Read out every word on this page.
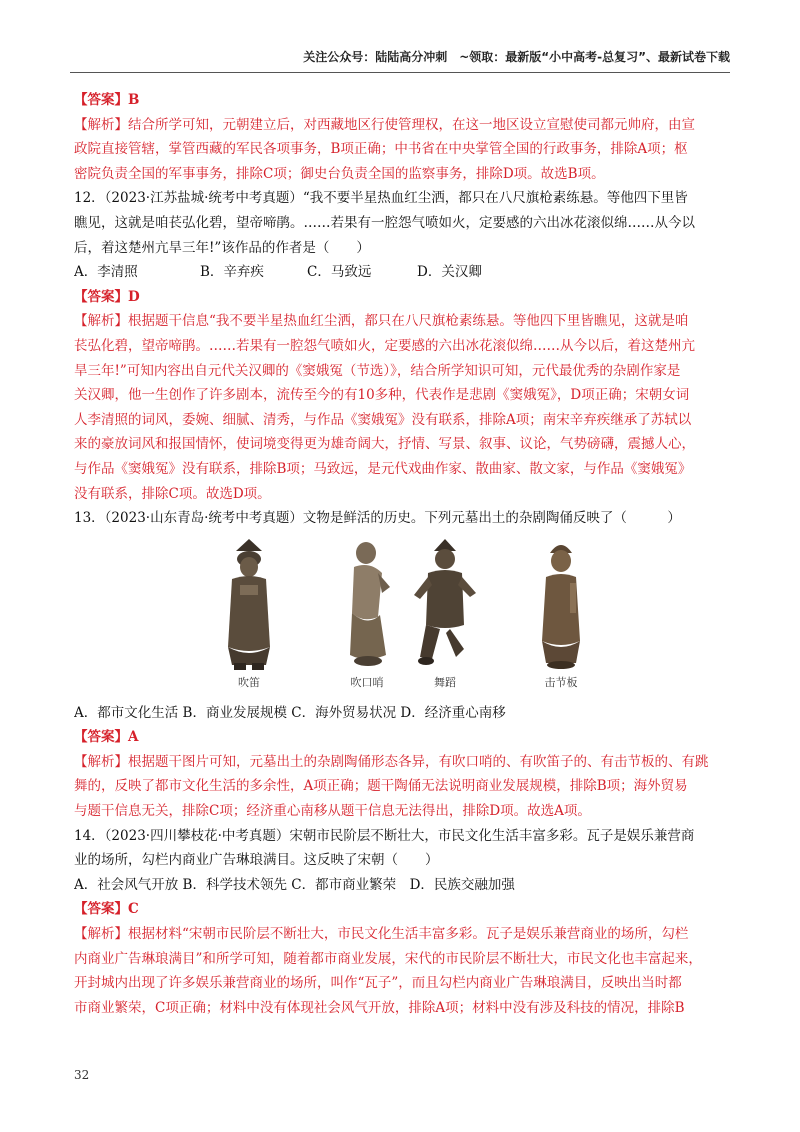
关注公众号：陆陆高分冲刺　~领取：最新版“小中高考-总复习”、最新试卷下载
【答案】B
【解析】结合所学可知，元朝建立后，对西藏地区行使管理权，在这一地区设立宣慰使司都元帅府，由宣
政院直接管辖，掌管西藏的军民各项事务，B项正确；中书省在中央掌管全国的行政事务，排除A项；枢
密院负责全国的军事事务，排除C项；御史台负责全国的监察事务，排除D项。故选B项。
12．（2023·江苏盐城·统考中考真题）“我不要半星热血红尘洒，都只在八尺旗枪素练悬。等他四下里皆
瞧见，这就是咱苌弘化碧，望帝啼鹃。……若果有一腔怨气喷如火，定要感的六出冰花滚似绵……从今以
后，着这楚州亢旱三年!”该作品的作者是（　　）
A．李清照	B．辛弃疾	C．马致远	D．关汉卿
【答案】D
【解析】根据题干信息“我不要半星热血红尘洒，都只在八尺旗枪素练悬。等他四下里皆瞧见，这就是咱
苌弘化碧，望帝啼鹃。……若果有一腔怨气喷如火，定要感的六出冰花滚似绵……从今以后，着这楚州亢
旱三年!”可知内容出自元代关汉卿的《窦娥冤（节选）》，结合所学知识可知，元代最优秀的杂剧作家是
关汉卿，他一生创作了许多剧本，流传至今的有10多种，代表作是悲剧《窦娥冤》，D项正确；宋朝女词
人李清照的词风，委婉、细腻、清秀，与作品《窦娥冤》没有联系，排除A项；南宋辛弃疾继承了苏轼以
来的豪放词风和报国情怀，使词境变得更为雄奇阔大，抒情、写景、叙事、议论，气势磅礴，震撼人心，
与作品《窦娥冤》没有联系，排除B项；马致远，是元代戏曲作家、散曲家、散文家，与作品《窦娥冤》
没有联系，排除C项。故选D项。
13．（2023·山东青岛·统考中考真题）文物是鲜活的历史。下列元墓出土的杂剧陶俑反映了（　　　）
吹笛	吹口哨	舞蹈	击节板
A．都市文化生活 B．商业发展规模 C．海外贸易状况 D．经济重心南移
【答案】A
【解析】根据题干图片可知，元墓出土的杂剧陶俑形态各异，有吹口哨的、有吹笛子的、有击节板的、有跳
舞的，反映了都市文化生活的多余性，A项正确；题干陶俑无法说明商业发展规模，排除B项；海外贸易
与题干信息无关，排除C项；经济重心南移从题干信息无法得出，排除D项。故选A项。
14．（2023·四川攀枝花·中考真题）宋朝市民阶层不断壮大，市民文化生活丰富多彩。瓦子是娱乐兼营商
业的场所，勾栏内商业广告琳琅满目。这反映了宋朝（　　）
A．社会风气开放 B．科学技术领先 C．都市商业繁荣　D．民族交融加强
【答案】C
【解析】根据材料“宋朝市民阶层不断壮大，市民文化生活丰富多彩。瓦子是娱乐兼营商业的场所，勾栏
内商业广告琳琅满目”和所学可知，随着都市商业发展，宋代的市民阶层不断壮大，市民文化也丰富起来，
开封城内出现了许多娱乐兼营商业的场所，叫作“瓦子”，而且勾栏内商业广告琳琅满目，反映出当时都
市商业繁荣，C项正确；材料中没有体现社会风气开放，排除A项；材料中没有涉及科技的情况，排除B
32
